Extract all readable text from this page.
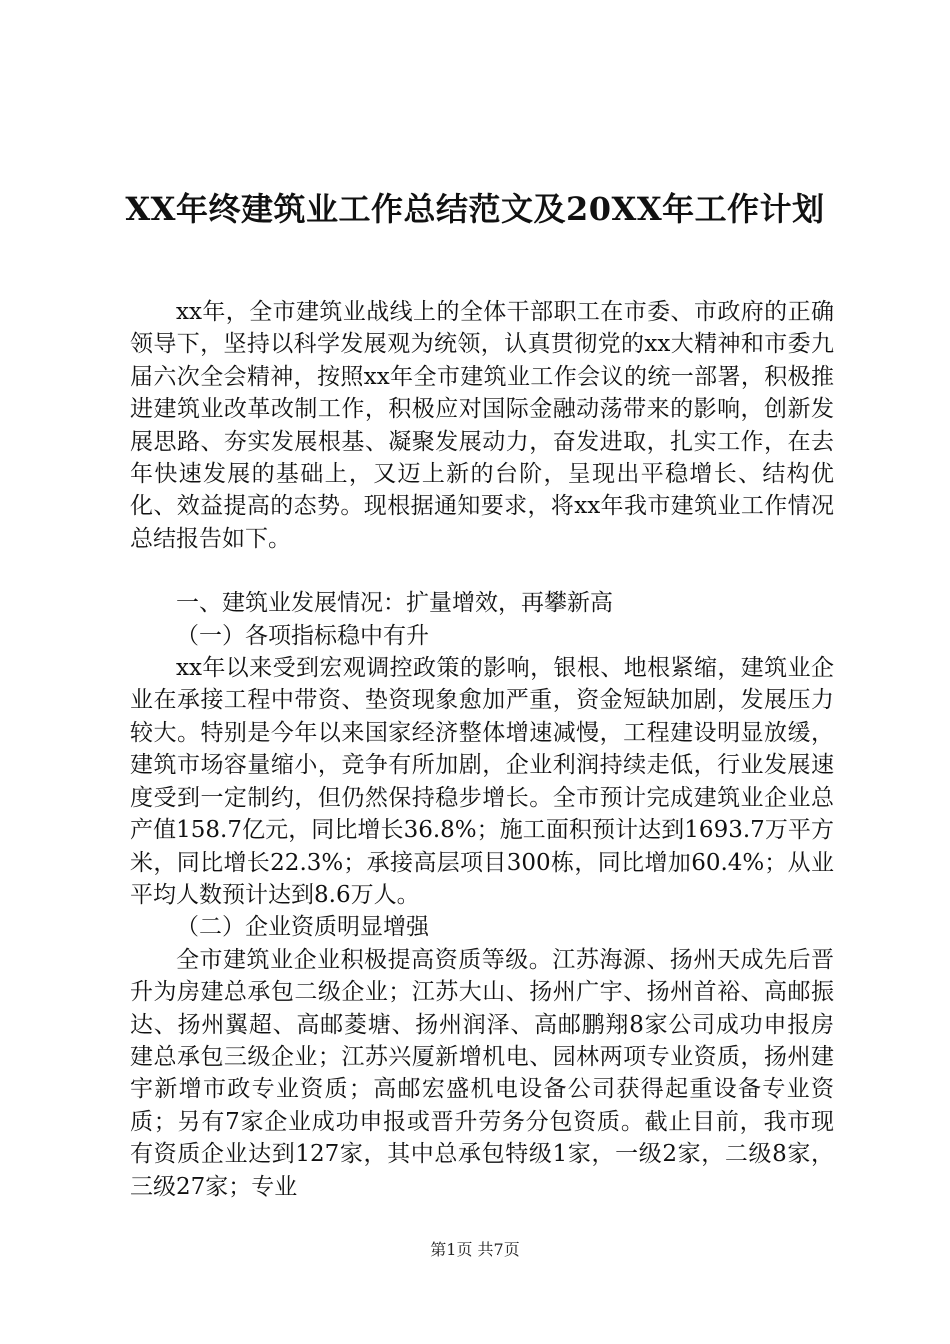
XX年终建筑业工作总结范文及20XX年工作计划

xx年，全市建筑业战线上的全体干部职工在市委、市政府的正确领导下，坚持以科学发展观为统领，认真贯彻党的xx大精神和市委九届六次全会精神，按照xx年全市建筑业工作会议的统一部署，积极推进建筑业改革改制工作，积极应对国际金融动荡带来的影响，创新发展思路、夯实发展根基、凝聚发展动力，奋发进取，扎实工作，在去年快速发展的基础上，又迈上新的台阶，呈现出平稳增长、结构优化、效益提高的态势。现根据通知要求，将xx年我市建筑业工作情况总结报告如下。

一、建筑业发展情况：扩量增效，再攀新高

（一）各项指标稳中有升

xx年以来受到宏观调控政策的影响，银根、地根紧缩，建筑业企业在承接工程中带资、垫资现象愈加严重，资金短缺加剧，发展压力较大。特别是今年以来国家经济整体增速减慢，工程建设明显放缓，建筑市场容量缩小，竞争有所加剧，企业利润持续走低，行业发展速度受到一定制约，但仍然保持稳步增长。全市预计完成建筑业企业总产值158.7亿元，同比增长36.8%；施工面积预计达到1693.7万平方米，同比增长22.3%；承接高层项目300栋，同比增加60.4%；从业平均人数预计达到8.6万人。

（二）企业资质明显增强

全市建筑业企业积极提高资质等级。江苏海源、扬州天成先后晋升为房建总承包二级企业；江苏大山、扬州广宇、扬州首裕、高邮振达、扬州翼超、高邮菱塘、扬州润泽、高邮鹏翔8家公司成功申报房建总承包三级企业；江苏兴厦新增机电、园林两项专业资质，扬州建宇新增市政专业资质；高邮宏盛机电设备公司获得起重设备专业资质；另有7家企业成功申报或晋升劳务分包资质。截止目前，我市现有资质企业达到127家，其中总承包特级1家，一级2家，二级8家，三级27家；专业

第1页 共7页
